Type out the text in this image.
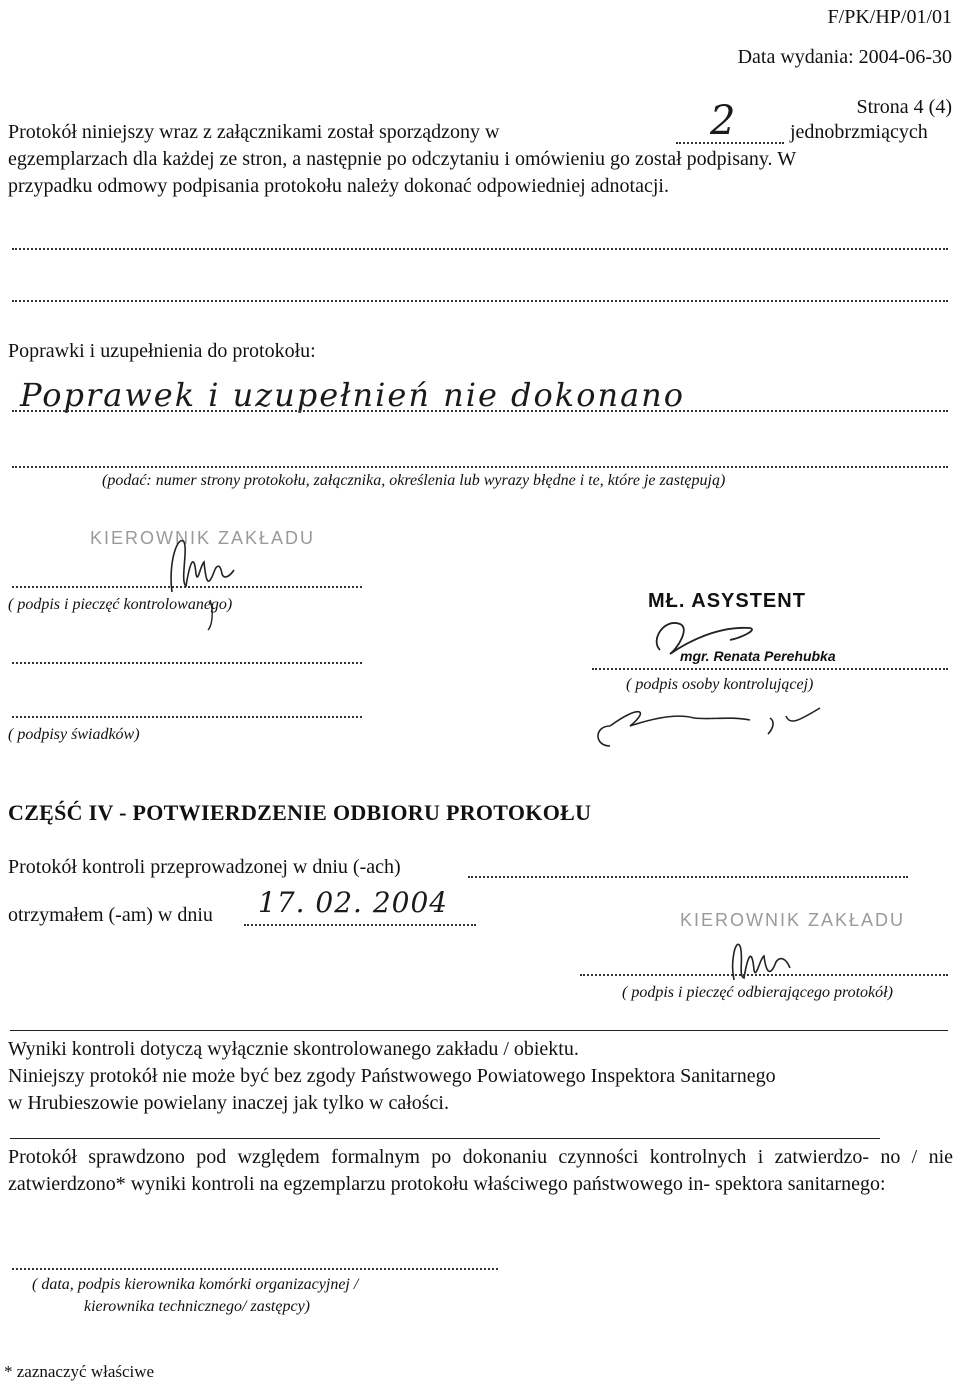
F/PK/HP/01/01
Data wydania: 2004-06-30
Strona 4 (4)
Protokół niniejszy wraz z załącznikami został sporządzony w	2	jednobrzmiących
egzemplarzach dla każdej ze stron, a następnie po odczytaniu i omówieniu go został podpisany. W
przypadku odmowy podpisania protokołu należy dokonać odpowiedniej adnotacji.
Poprawki i uzupełnienia do protokołu:
Poprawek i uzupełnień nie dokonano
(podać: numer strony protokołu, załącznika, określenia lub wyrazy błędne i te, które je zastępują)
KIEROWNIK ZAKŁADU
( podpis i pieczęć kontrolowanego)
( podpisy świadków)
MŁ. ASYSTENT
mgr. Renata Perehubka
( podpis osoby kontrolującej)
CZĘŚĆ IV - POTWIERDZENIE ODBIORU PROTOKOŁU
Protokół kontroli przeprowadzonej w dniu (-ach)
otrzymałem (-am) w dniu 17. 02. 2004
KIEROWNIK ZAKŁADU
( podpis i pieczęć odbierającego protokół)
Wyniki kontroli dotyczą wyłącznie skontrolowanego zakładu / obiektu.
Niniejszy protokół nie może być bez zgody Państwowego Powiatowego Inspektora Sanitarnego
w Hrubieszowie powielany inaczej jak tylko w całości.
Protokół sprawdzono pod względem formalnym po dokonaniu czynności kontrolnych i zatwierdzo- no / nie zatwierdzono* wyniki kontroli na egzemplarzu protokołu właściwego państwowego in- spektora sanitarnego:
( data, podpis kierownika komórki organizacyjnej /
kierownika technicznego/ zastępcy)
* zaznaczyć właściwe
